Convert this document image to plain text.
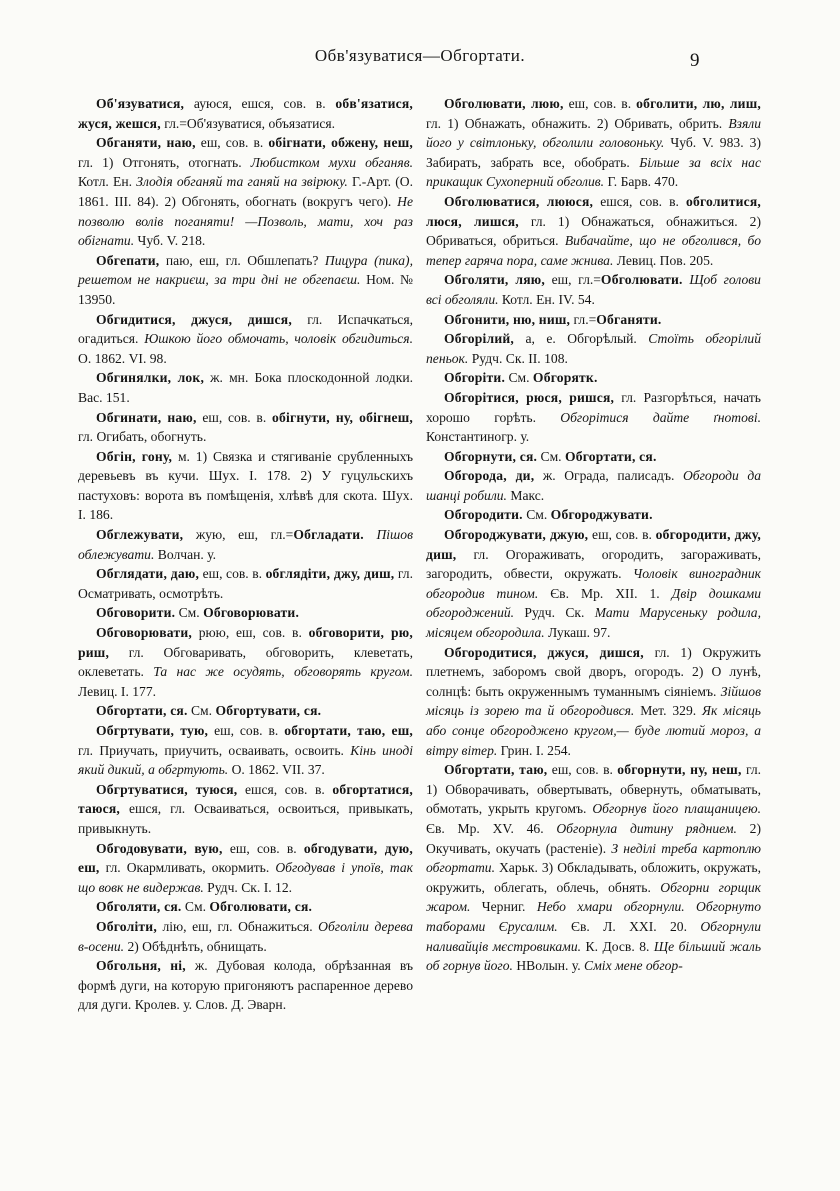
Обв'язуватися—Обгортати.	9

Об'язуватися, ауюся, ешся, сов. в. обв'язатися, жуся, жешся, гл.=Об'язуватися, объязатися.

Обганяти, наю, еш, сов. в. обігнати, обжену, неш, гл. 1) Отгонять, отогнать. Любистком мухи обганяв. Котл. Ен. Злодія обганяй та ганяй на звірюку. Г.-Арт. (О. 1861. III. 84). 2) Обгонять, обогнать (вокругъ чего). Не позволю волів поганяти! —Позволь, мати, хоч раз обігнати. Чуб. V. 218.

Обгепати, паю, еш, гл. Обшлепать? Пицура (пика), решетом не накриєш, за три дні не обгепаєш. Ном. № 13950.

Обгидитися, джуся, дишся, гл. Испачкаться, огадиться. Юшкою його обмочать, чоловік обгидиться. О. 1862. VI. 98.

Обгинялки, лок, ж. мн. Бока плоскодонной лодки. Вас. 151.

Обгинати, наю, еш, сов. в. обігнути, ну, обігнеш, гл. Огибать, обогнуть.

Обгін, гону, м. 1) Связка и стягиваніе срубленныхъ деревьевъ въ кучи. Шух. I. 178. 2) У гуцульскихъ пастуховъ: ворота въ помѣщенія, хлѣвѣ для скота. Шух. I. 186.

Обглежувати, жую, еш, гл.=Обгладати. Пішов облежувати. Волчан. у.

Обглядати, даю, еш, сов. в. обглядіти, джу, диш, гл. Осматривать, осмотрѣть.

Обговорити. См. Обговорювати.

Обговорювати, рюю, еш, сов. в. обговорити, рю, риш, гл. Обговаривать, обговорить, клеветать, оклеветать. Та нас же осудять, обговорять кругом. Левиц. I. 177.

Обгортати, ся. См. Обгортувати, ся.

Обгртувати, тую, еш, сов. в. обгортати, таю, еш, гл. Приучать, приучить, осваивать, освоить. Кінь иноді який дикий, а обгртують. О. 1862. VII. 37.

Обгртуватися, туюся, ешся, сов. в. обгортатися, таюся, ешся, гл. Осваиваться, освоиться, привыкать, привыкнуть.

Обгодовувати, вую, еш, сов. в. обгодувати, дую, еш, гл. Окармливать, окормить. Обгодував і упоїв, так що вовк не видержав. Рудч. Ск. I. 12.

Обголяти, ся. См. Обголювати, ся.

Обголіти, лію, еш, гл. Обнажиться. Обголіли дерева в-осени. 2) Обѣднѣть, обнищать.

Обгольня, ні, ж. Дубовая колода, обрѣзанная въ формѣ дуги, на которую пригоняютъ распаренное дерево для дуги. Кролев. у. Слов. Д. Эварн.

Обголювати, люю, еш, сов. в. обголити, лю, лиш, гл. 1) Обнажать, обнажить. 2) Обривать, обрить. Взяли його у світлоньку, обголили головоньку. Чуб. V. 983. 3) Забирать, забрать все, обобрать. Більше за всіх нас прикащик Сухоперний обголив. Г. Барв. 470.

Обголюватися, лююся, ешся, сов. в. обголитися, люся, лишся, гл. 1) Обнажаться, обнажиться. 2) Обриваться, обриться. Вибачайте, що не обголився, бо тепер гаряча пора, саме жнива. Левиц. Пов. 205.

Обголяти, ляю, еш, гл.=Обголювати. Щоб голови всі обголяли. Котл. Ен. IV. 54.

Обгонити, ню, ниш, гл.=Обганяти.

Обгорілий, а, е. Обгорѣлый. Стоїть обгорілий пеньок. Рудч. Ск. II. 108.

Обгоріти. См. Обгорятк.

Обгорітися, рюся, ришся, гл. Разгорѣться, начать хорошо горѣть. Обгорітися дайте ґнотові. Константиногр. у.

Обгорнути, ся. См. Обгортати, ся.

Обгорода, ди, ж. Ограда, палисадъ. Обгороди да шанці робили. Макс.

Обгородити. См. Обгороджувати.

Обгороджувати, джую, еш, сов. в. обгородити, джу, диш, гл. Огораживать, огородить, загораживать, загородить, обвести, окружать. Чоловік виноградник обгородив тином. Єв. Мр. XII. 1. Двір дошками обгороджений. Рудч. Ск. Мати Марусеньку родила, місяцем обгородила. Лукаш. 97.

Обгородитися, джуся, дишся, гл. 1) Окружить плетнемъ, заборомъ свой дворъ, огородъ. 2) О лунѣ, солнцѣ: быть окруженнымъ туманнымъ сіяніемъ. Зійшов місяць із зорею та й обгородився. Мет. 329. Як місяць або сонце обгороджено кругом,— буде лютий мороз, а вітру вітер. Грин. I. 254.

Обгортати, таю, еш, сов. в. обгорнути, ну, неш, гл. 1) Обворачивать, обвертывать, обвернуть, обматывать, обмотать, укрыть кругомъ. Обгорнув його плащаницею. Єв. Мр. XV. 46. Обгорнула дитину ряднием. 2) Окучивать, окучать (растеніе). З неділі треба картоплю обгортати. Харьк. 3) Обкладывать, обложить, окружать, окружить, облегать, облечь, обнять. Обгорни горщик жаром. Черниг. Небо хмари обгорнули. Обгорнуто таборами Єрусалим. Єв. Л. XXI. 20. Обгорнули наливайців мєстровиками. К. Досв. 8. Ще більший жаль об горнув його. НВолын. у. Сміх мене обгор-
